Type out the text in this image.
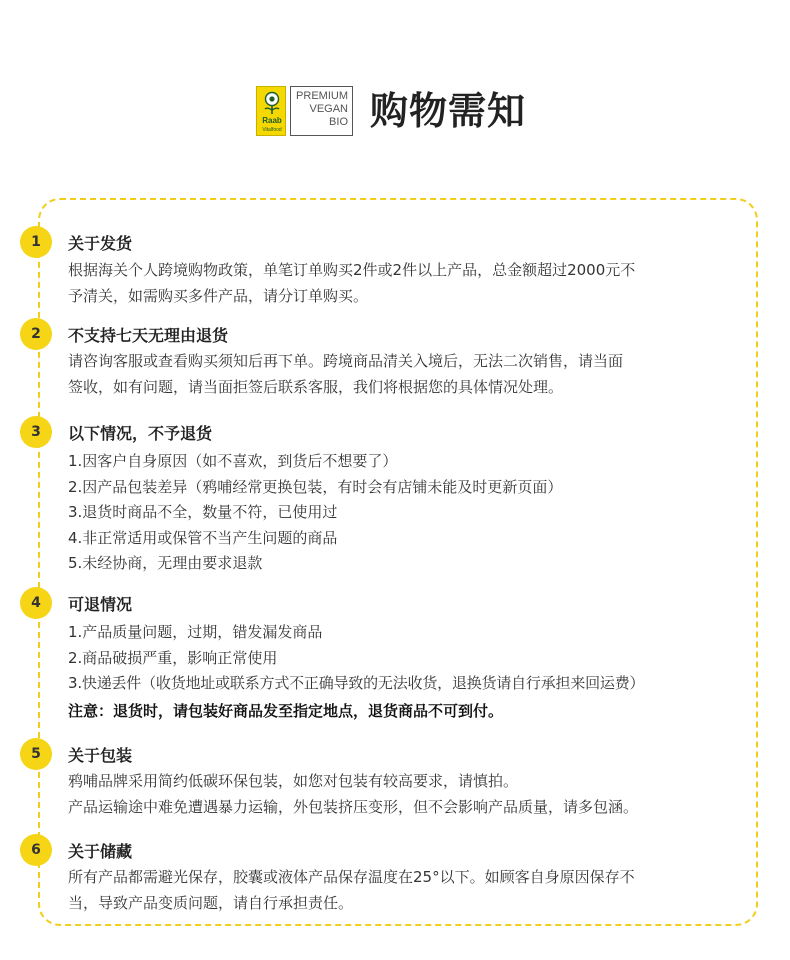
Raab
Vitalfood
PREMIUM
VEGAN
BIO 购物需知
1	关于发货

根据海关个人跨境购物政策，单笔订单购买2件或2件以上产品，总金额超过2000元不

予清关，如需购买多件产品，请分订单购买。

2	不支持七天无理由退货

请咨询客服或查看购买须知后再下单。跨境商品清关入境后，无法二次销售，请当面

签收，如有问题，请当面拒签后联系客服，我们将根据您的具体情况处理。

3	以下情况，不予退货

1.因客户自身原因（如不喜欢，到货后不想要了）

2.因产品包装差异（鸦哺经常更换包装，有时会有店铺未能及时更新页面）

3.退货时商品不全，数量不符，已使用过

4.非正常适用或保管不当产生问题的商品

5.未经协商，无理由要求退款

4	可退情况

1.产品质量问题，过期，错发漏发商品

2.商品破损严重，影响正常使用

3.快递丢件（收货地址或联系方式不正确导致的无法收货，退换货请自行承担来回运费）

注意：退货时，请包装好商品发至指定地点，退货商品不可到付。

5	关于包装

鸦哺品牌采用简约低碳环保包装，如您对包装有较高要求，请慎拍。

产品运输途中难免遭遇暴力运输，外包装挤压变形，但不会影响产品质量，请多包涵。

6	关于储藏

所有产品都需避光保存，胶囊或液体产品保存温度在25°以下。如顾客自身原因保存不

当，导致产品变质问题，请自行承担责任。
